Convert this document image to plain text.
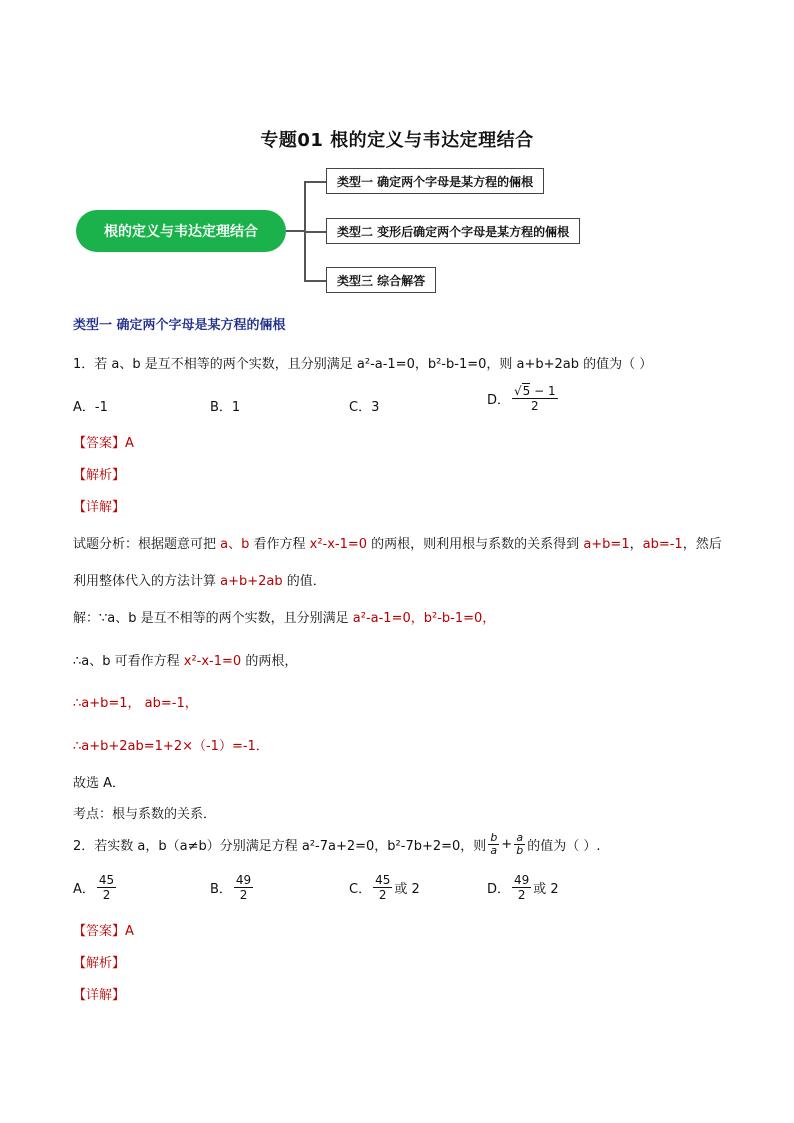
专题01 根的定义与韦达定理结合
根的定义与韦达定理结合
类型一 确定两个字母是某方程的倆根
类型二 变形后确定两个字母是某方程的倆根
类型三 综合解答
类型一 确定两个字母是某方程的倆根
1．若 a、b 是互不相等的两个实数，且分别满足 a²-a-1=0，b²-b-1=0，则 a+b+2ab 的值为（ ）
A．-1	B．1	C．3	D． $\frac{√5 - 1}{2}$
【答案】A
【解析】
【详解】
试题分析：根据题意可把 a、b 看作方程 x²-x-1=0 的两根，则利用根与系数的关系得到 a+b=1，ab=-1，然后
利用整体代入的方法计算 a+b+2ab 的值．
解：∵a、b 是互不相等的两个实数，且分别满足 a²-a-1=0，b²-b-1=0，
∴a、b 可看作方程 x²-x-1=0 的两根，
∴a+b=1， ab=-1，
∴a+b+2ab=1+2×（-1）=-1．
故选 A．
考点：根与系数的关系．
2．若实数 a，b（a≠b）分别满足方程 a²-7a+2=0，b²-7b+2=0，则 $\frac{b}{a} + \frac{a}{b}$ 的值为（ ）.
A． $\frac{45}{2}$	B． $\frac{49}{2}$	C． $\frac{45}{2}$ 或 2	D． $\frac{49}{2}$ 或 2
【答案】A
【解析】
【详解】
